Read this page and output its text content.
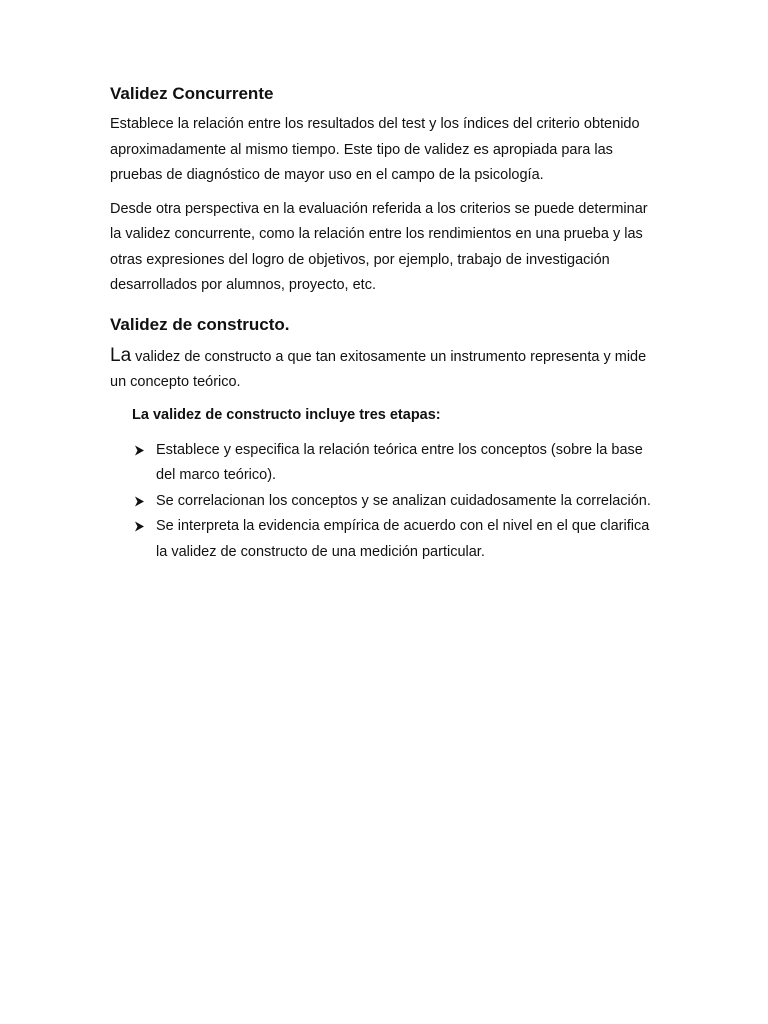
Validez Concurrente

Establece la relación entre los resultados del test y los índices del criterio obtenido aproximadamente al mismo tiempo. Este tipo de validez es apropiada para las pruebas de diagnóstico de mayor uso en el campo de la psicología.

Desde otra perspectiva en la evaluación referida a los criterios se puede determinar la validez concurrente, como la relación entre los rendimientos en una prueba y las otras expresiones del logro de objetivos, por ejemplo, trabajo de investigación desarrollados por alumnos, proyecto, etc.

Validez de constructo.

La validez de constructo a que tan exitosamente un instrumento representa y mide un concepto teórico.

La validez de constructo incluye tres etapas:

Establece y especifica la relación teórica entre los conceptos (sobre la base del marco teórico).
Se correlacionan los conceptos y se analizan cuidadosamente la correlación.
Se interpreta la evidencia empírica de acuerdo con el nivel en el que clarifica la validez de constructo de una medición particular.
